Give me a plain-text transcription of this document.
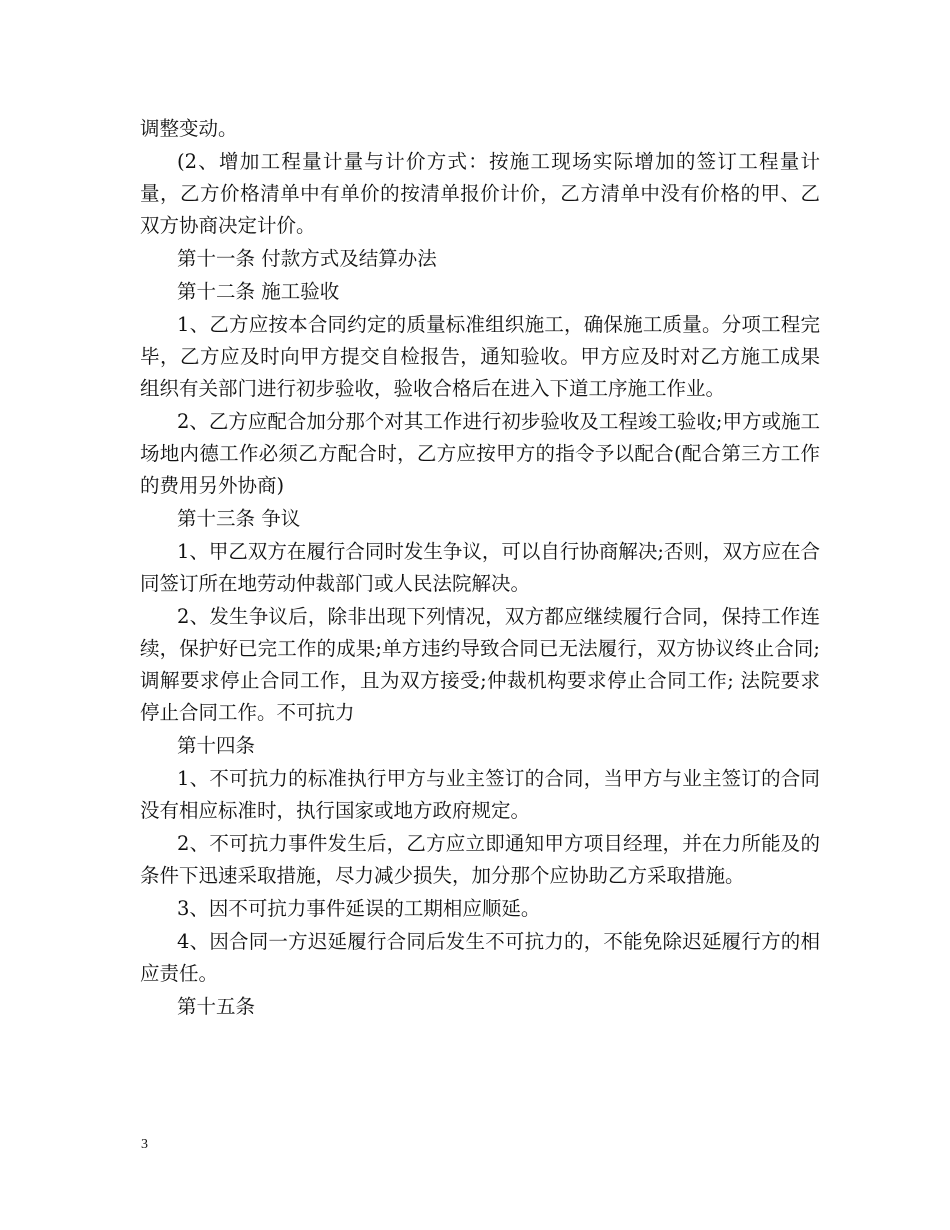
调整变动。

(2、增加工程量计量与计价方式：按施工现场实际增加的签订工程量计量，乙方价格清单中有单价的按清单报价计价，乙方清单中没有价格的甲、乙双方协商决定计价。

第十一条 付款方式及结算办法

第十二条 施工验收

1、乙方应按本合同约定的质量标准组织施工，确保施工质量。分项工程完毕，乙方应及时向甲方提交自检报告，通知验收。甲方应及时对乙方施工成果组织有关部门进行初步验收，验收合格后在进入下道工序施工作业。

2、乙方应配合加分那个对其工作进行初步验收及工程竣工验收;甲方或施工场地内德工作必须乙方配合时，乙方应按甲方的指令予以配合(配合第三方工作的费用另外协商)

第十三条 争议

1、甲乙双方在履行合同时发生争议，可以自行协商解决;否则，双方应在合同签订所在地劳动仲裁部门或人民法院解决。

2、发生争议后，除非出现下列情况，双方都应继续履行合同，保持工作连续，保护好已完工作的成果;单方违约导致合同已无法履行，双方协议终止合同; 调解要求停止合同工作，且为双方接受;仲裁机构要求停止合同工作; 法院要求停止合同工作。不可抗力

第十四条

1、不可抗力的标准执行甲方与业主签订的合同，当甲方与业主签订的合同没有相应标准时，执行国家或地方政府规定。

2、不可抗力事件发生后，乙方应立即通知甲方项目经理，并在力所能及的条件下迅速采取措施，尽力减少损失，加分那个应协助乙方采取措施。

3、因不可抗力事件延误的工期相应顺延。

4、因合同一方迟延履行合同后发生不可抗力的，不能免除迟延履行方的相应责任。

第十五条

3
